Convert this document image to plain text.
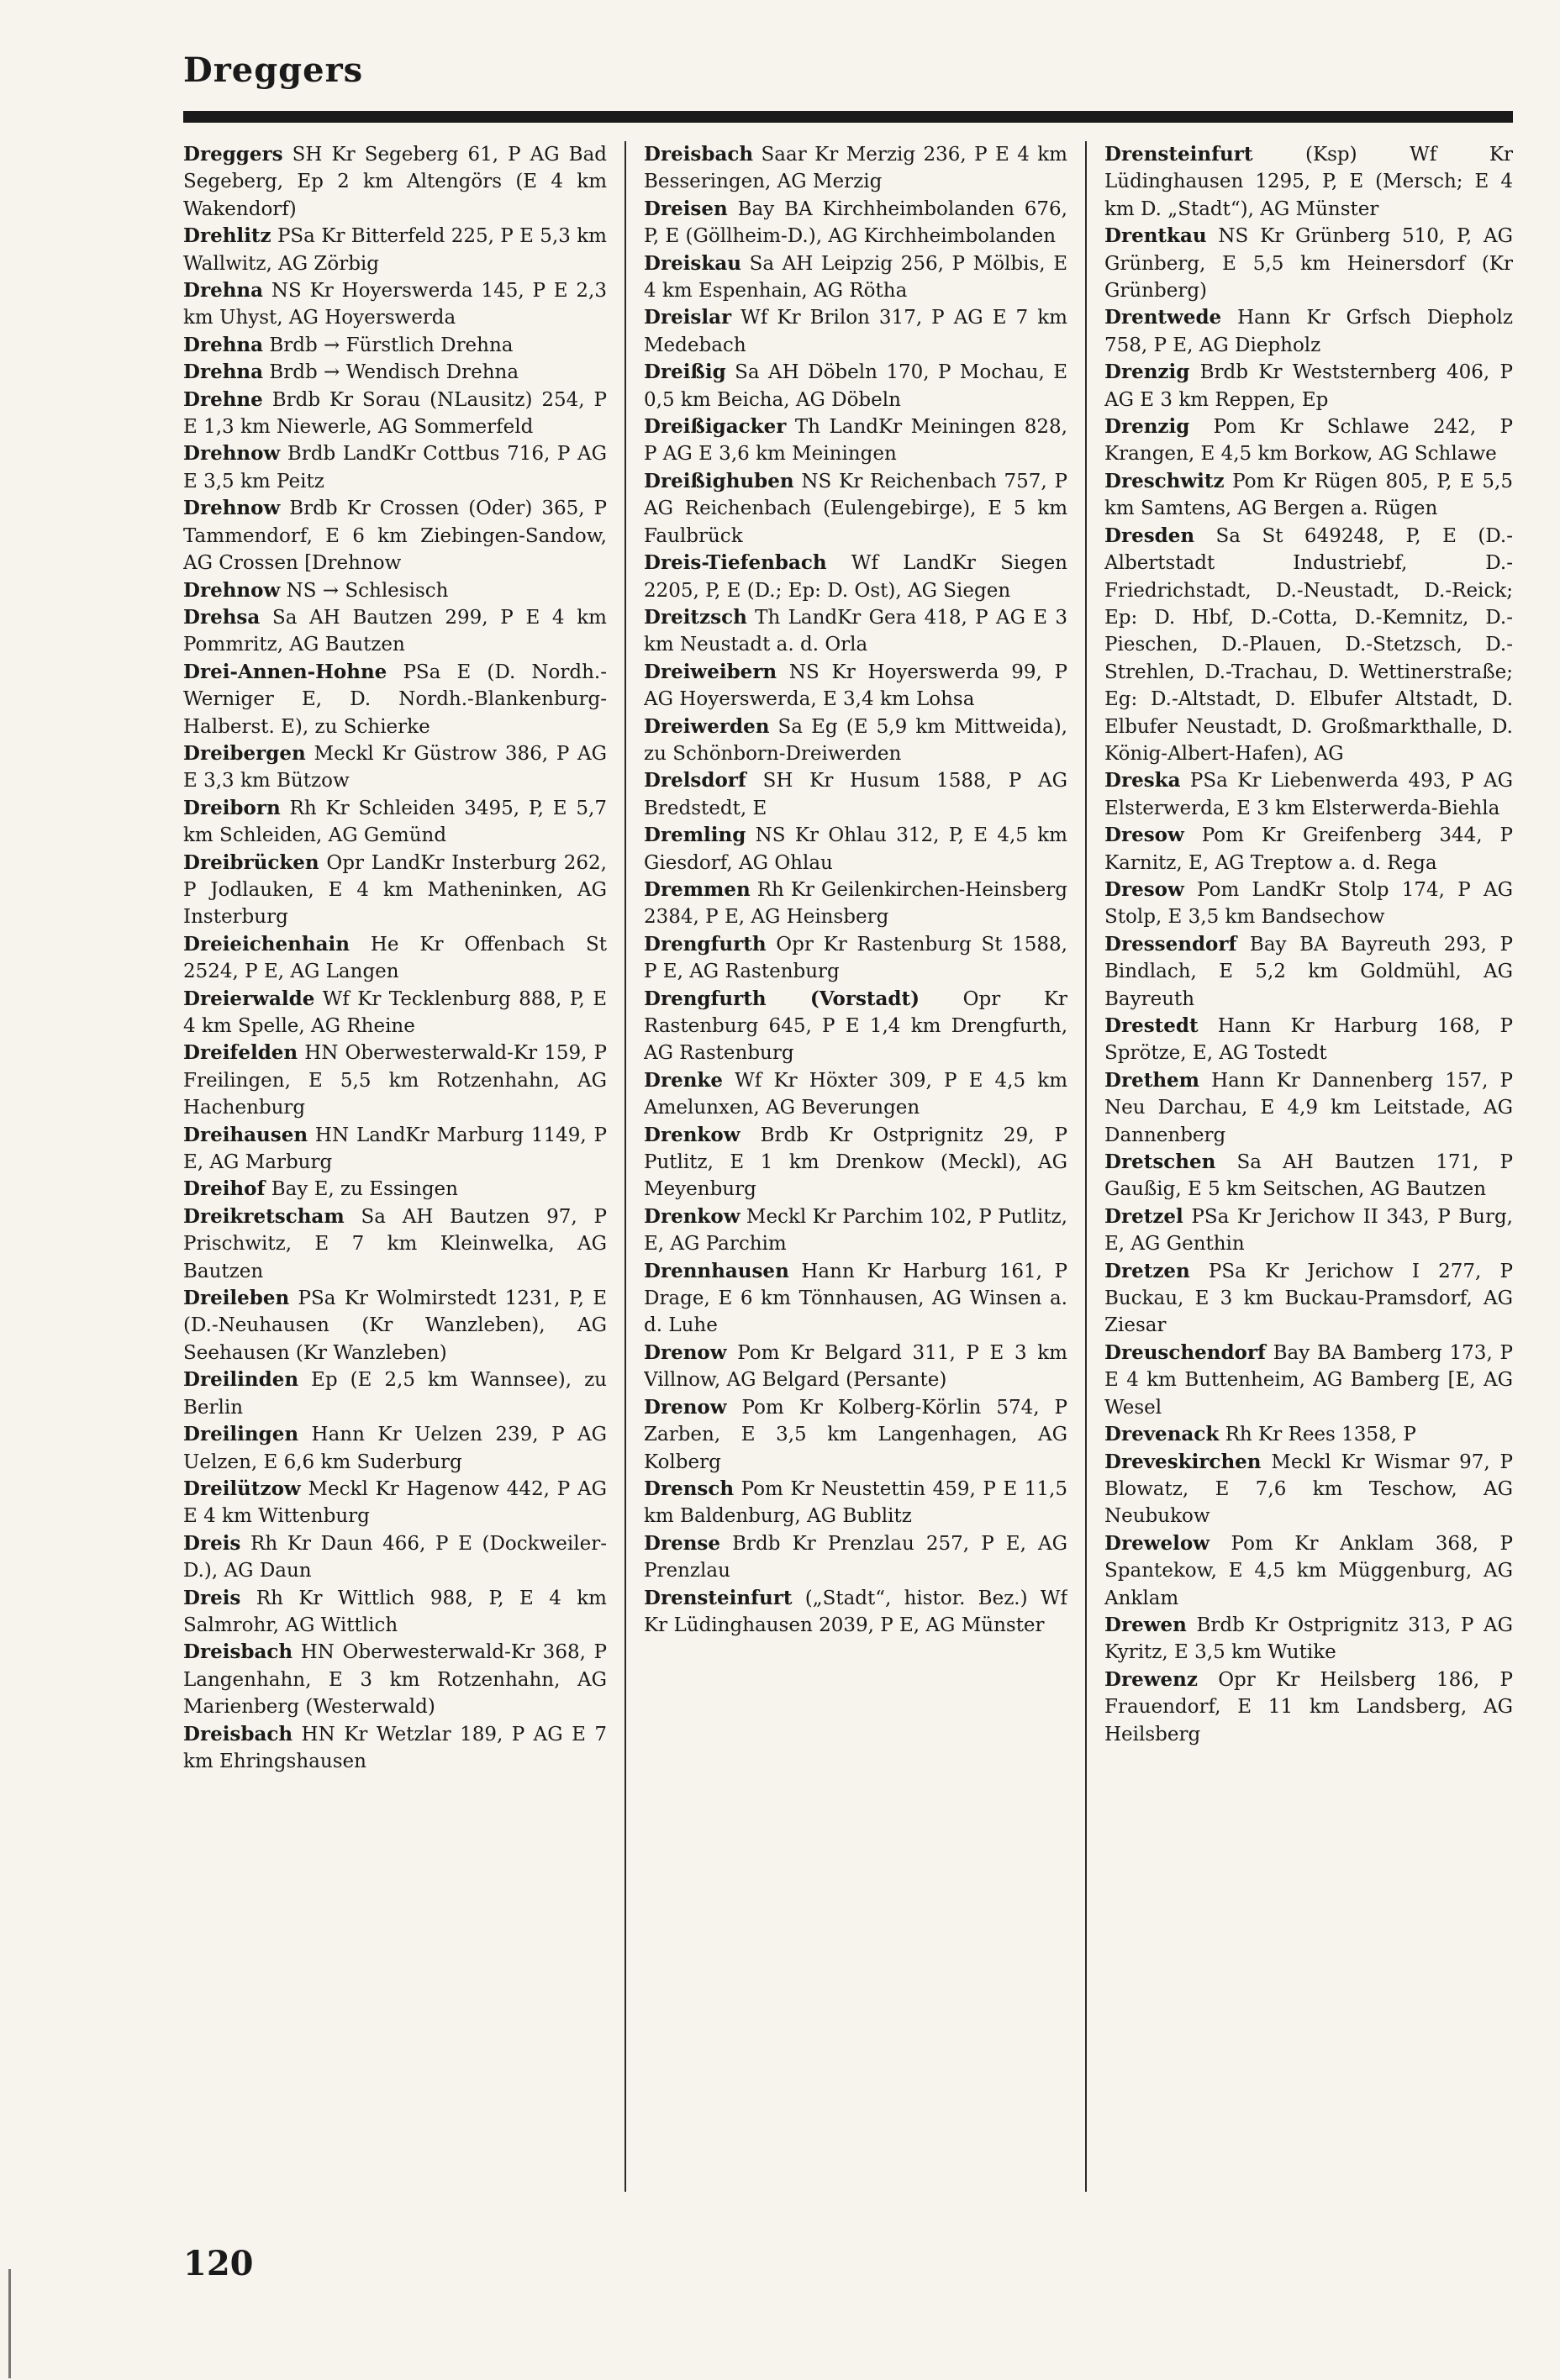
Dreggers

Dreggers SH Kr Segeberg 61, P AG Bad Segeberg, Ep 2 km Altengörs (E 4 km Wakendorf)

Drehlitz PSa Kr Bitterfeld 225, P E 5,3 km Wallwitz, AG Zörbig

Drehna NS Kr Hoyerswerda 145, P E 2,3 km Uhyst, AG Hoyerswerda

Drehna Brdb → Fürstlich Drehna

Drehna Brdb → Wendisch Drehna

Drehne Brdb Kr Sorau (NLausitz) 254, P E 1,3 km Niewerle, AG Sommerfeld

Drehnow Brdb LandKr Cottbus 716, P AG E 3,5 km Peitz

Drehnow Brdb Kr Crossen (Oder) 365, P Tammendorf, E 6 km Ziebingen-Sandow, AG Crossen [Drehnow

Drehnow NS → Schlesisch

Drehsa Sa AH Bautzen 299, P E 4 km Pommritz, AG Bautzen

Drei-Annen-Hohne PSa E (D. Nordh.-Werniger E, D. Nordh.-Blankenburg-Halberst. E), zu Schierke

Dreibergen Meckl Kr Güstrow 386, P AG E 3,3 km Bützow

Dreiborn Rh Kr Schleiden 3495, P, E 5,7 km Schleiden, AG Gemünd

Dreibrücken Opr LandKr Insterburg 262, P Jodlauken, E 4 km Matheninken, AG Insterburg

Dreieichenhain He Kr Offenbach St 2524, P E, AG Langen

Dreierwalde Wf Kr Tecklenburg 888, P, E 4 km Spelle, AG Rheine

Dreifelden HN Oberwesterwald-Kr 159, P Freilingen, E 5,5 km Rotzenhahn, AG Hachenburg

Dreihausen HN LandKr Marburg 1149, P E, AG Marburg

Dreihof Bay E, zu Essingen

Dreikretscham Sa AH Bautzen 97, P Prischwitz, E 7 km Kleinwelka, AG Bautzen

Dreileben PSa Kr Wolmirstedt 1231, P, E (D.-Neuhausen (Kr Wanzleben), AG Seehausen (Kr Wanzleben)

Dreilinden Ep (E 2,5 km Wannsee), zu Berlin

Dreilingen Hann Kr Uelzen 239, P AG Uelzen, E 6,6 km Suderburg

Dreilützow Meckl Kr Hagenow 442, P AG E 4 km Wittenburg

Dreis Rh Kr Daun 466, P E (Dockweiler-D.), AG Daun

Dreis Rh Kr Wittlich 988, P, E 4 km Salmrohr, AG Wittlich

Dreisbach HN Oberwesterwald-Kr 368, P Langenhahn, E 3 km Rotzenhahn, AG Marienberg (Westerwald)

Dreisbach HN Kr Wetzlar 189, P AG E 7 km Ehringshausen

Dreisbach Saar Kr Merzig 236, P E 4 km Besseringen, AG Merzig

Dreisen Bay BA Kirchheimbolanden 676, P, E (Göllheim-D.), AG Kirchheimbolanden

Dreiskau Sa AH Leipzig 256, P Mölbis, E 4 km Espenhain, AG Rötha

Dreislar Wf Kr Brilon 317, P AG E 7 km Medebach

Dreißig Sa AH Döbeln 170, P Mochau, E 0,5 km Beicha, AG Döbeln

Dreißigacker Th LandKr Meiningen 828, P AG E 3,6 km Meiningen

Dreißighuben NS Kr Reichenbach 757, P AG Reichenbach (Eulengebirge), E 5 km Faulbrück

Dreis-Tiefenbach Wf LandKr Siegen 2205, P, E (D.; Ep: D. Ost), AG Siegen

Dreitzsch Th LandKr Gera 418, P AG E 3 km Neustadt a. d. Orla

Dreiweibern NS Kr Hoyerswerda 99, P AG Hoyerswerda, E 3,4 km Lohsa

Dreiwerden Sa Eg (E 5,9 km Mittweida), zu Schönborn-Dreiwerden

Drelsdorf SH Kr Husum 1588, P AG Bredstedt, E

Dremling NS Kr Ohlau 312, P, E 4,5 km Giesdorf, AG Ohlau

Dremmen Rh Kr Geilenkirchen-Heinsberg 2384, P E, AG Heinsberg

Drengfurth Opr Kr Rastenburg St 1588, P E, AG Rastenburg

Drengfurth (Vorstadt) Opr Kr Rastenburg 645, P E 1,4 km Drengfurth, AG Rastenburg

Drenke Wf Kr Höxter 309, P E 4,5 km Amelunxen, AG Beverungen

Drenkow Brdb Kr Ostprignitz 29, P Putlitz, E 1 km Drenkow (Meckl), AG Meyenburg

Drenkow Meckl Kr Parchim 102, P Putlitz, E, AG Parchim

Drennhausen Hann Kr Harburg 161, P Drage, E 6 km Tönnhausen, AG Winsen a. d. Luhe

Drenow Pom Kr Belgard 311, P E 3 km Villnow, AG Belgard (Persante)

Drenow Pom Kr Kolberg-Körlin 574, P Zarben, E 3,5 km Langenhagen, AG Kolberg

Drensch Pom Kr Neustettin 459, P E 11,5 km Baldenburg, AG Bublitz

Drense Brdb Kr Prenzlau 257, P E, AG Prenzlau

Drensteinfurt („Stadt“, histor. Bez.) Wf Kr Lüdinghausen 2039, P E, AG Münster

Drensteinfurt (Ksp) Wf Kr Lüdinghausen 1295, P, E (Mersch; E 4 km D. „Stadt“), AG Münster

Drentkau NS Kr Grünberg 510, P, AG Grünberg, E 5,5 km Heinersdorf (Kr Grünberg)

Drentwede Hann Kr Grfsch Diepholz 758, P E, AG Diepholz

Drenzig Brdb Kr Weststernberg 406, P AG E 3 km Reppen, Ep

Drenzig Pom Kr Schlawe 242, P Krangen, E 4,5 km Borkow, AG Schlawe

Dreschwitz Pom Kr Rügen 805, P, E 5,5 km Samtens, AG Bergen a. Rügen

Dresden Sa St 649248, P, E (D.-Albertstadt Industriebf, D.-Friedrichstadt, D.-Neustadt, D.-Reick; Ep: D. Hbf, D.-Cotta, D.-Kemnitz, D.-Pieschen, D.-Plauen, D.-Stetzsch, D.-Strehlen, D.-Trachau, D. Wettinerstraße; Eg: D.-Altstadt, D. Elbufer Altstadt, D. Elbufer Neustadt, D. Großmarkthalle, D. König-Albert-Hafen), AG

Dreska PSa Kr Liebenwerda 493, P AG Elsterwerda, E 3 km Elsterwerda-Biehla

Dresow Pom Kr Greifenberg 344, P Karnitz, E, AG Treptow a. d. Rega

Dresow Pom LandKr Stolp 174, P AG Stolp, E 3,5 km Bandsechow

Dressendorf Bay BA Bayreuth 293, P Bindlach, E 5,2 km Goldmühl, AG Bayreuth

Drestedt Hann Kr Harburg 168, P Sprötze, E, AG Tostedt

Drethem Hann Kr Dannenberg 157, P Neu Darchau, E 4,9 km Leitstade, AG Dannenberg

Dretschen Sa AH Bautzen 171, P Gaußig, E 5 km Seitschen, AG Bautzen

Dretzel PSa Kr Jerichow II 343, P Burg, E, AG Genthin

Dretzen PSa Kr Jerichow I 277, P Buckau, E 3 km Buckau-Pramsdorf, AG Ziesar

Dreuschendorf Bay BA Bamberg 173, P E 4 km Buttenheim, AG Bamberg [E, AG Wesel

Drevenack Rh Kr Rees 1358, P

Dreveskirchen Meckl Kr Wismar 97, P Blowatz, E 7,6 km Teschow, AG Neubukow

Drewelow Pom Kr Anklam 368, P Spantekow, E 4,5 km Müggenburg, AG Anklam

Drewen Brdb Kr Ostprignitz 313, P AG Kyritz, E 3,5 km Wutike

Drewenz Opr Kr Heilsberg 186, P Frauendorf, E 11 km Landsberg, AG Heilsberg

120
